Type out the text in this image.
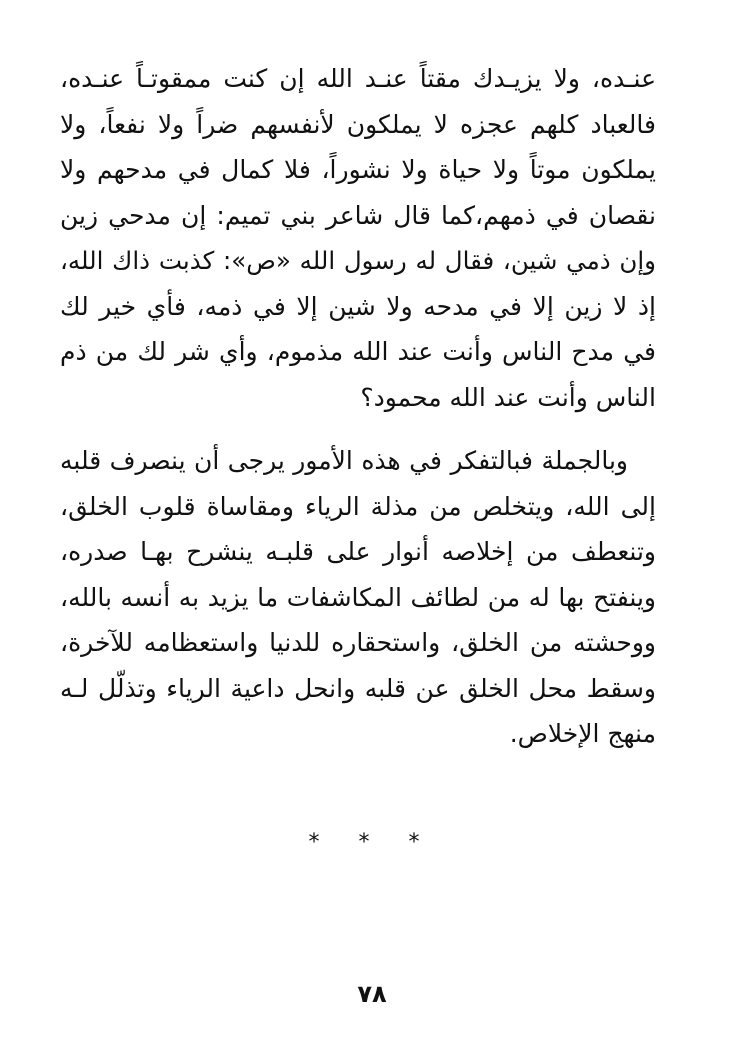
عنـده، ولا يزيـدك مقتاً عنـد الله إن كنت ممقوتـاً عنـده،
فالعباد كلهم عجزه لا يملكون لأنفسهم ضراً ولا نفعاً، ولا
يملكون موتاً ولا حياة ولا نشوراً، فلا كمال في مدحهم ولا
نقصان في ذمهم،كما قال شاعر بني تميم: إن مدحي زين
وإن ذمي شين، فقال له رسول الله «ص»: كذبت ذاك الله،
إذ لا زين إلا في مدحه ولا شين إلا في ذمه، فأي خير لك
في مدح الناس وأنت عند الله مذموم، وأي شر لك من ذم
الناس وأنت عند الله محمود؟
وبالجملة فبالتفكر في هذه الأمور يرجى أن ينصرف قلبه
إلى الله، ويتخلص من مذلة الرياء ومقاساة قلوب الخلق،
وتنعطف من إخلاصه أنوار على قلبـه ينشرح بهـا صدره،
وينفتح بها له من لطائف المكاشفات ما يزيد به أنسه بالله،
ووحشته من الخلق، واستحقاره للدنيا واستعظامه للآخرة،
وسقط محل الخلق عن قلبه وانحل داعية الرياء وتذلّل لـه
منهج الإخلاص.
* * *
٧٨
